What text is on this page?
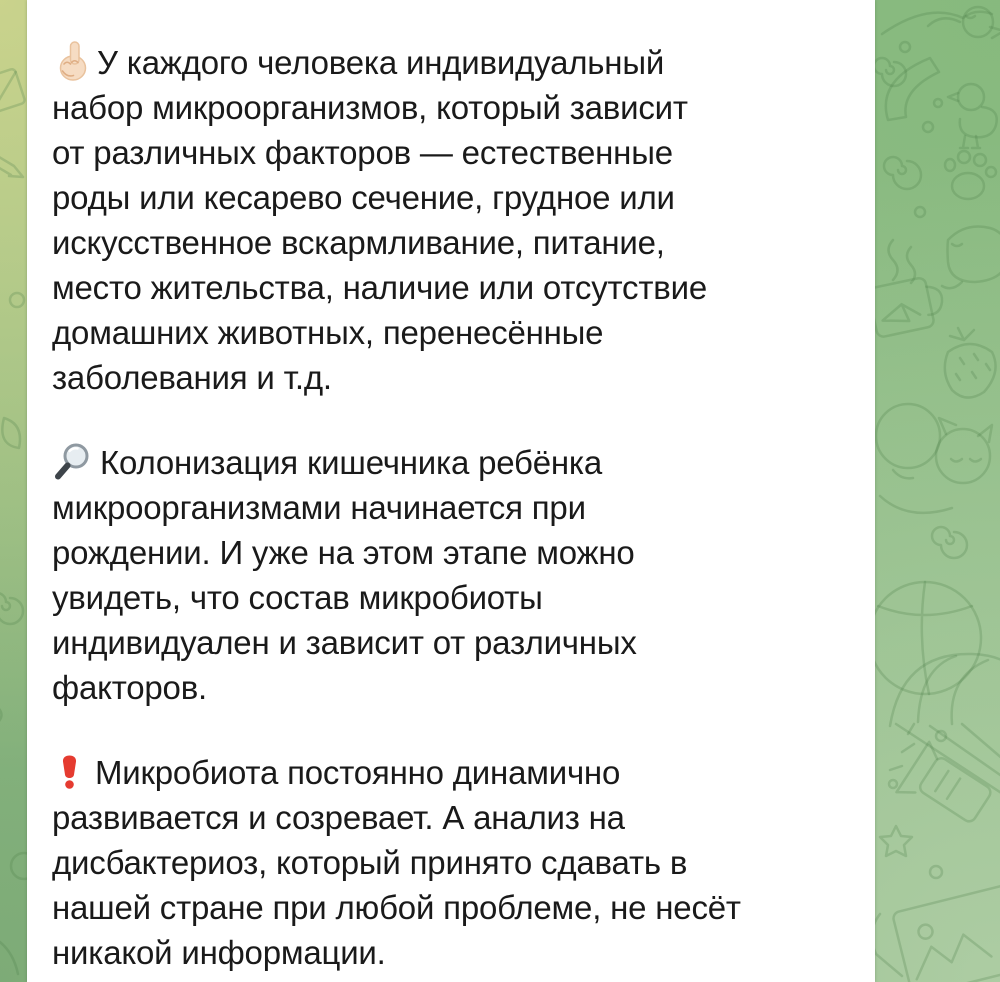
У каждого человека индивидуальный
набор микроорганизмов, который зависит
от различных факторов — естественные
роды или кесарево сечение, грудное или
искусственное вскармливание, питание,
место жительства, наличие или отсутствие
домашних животных, перенесённые
заболевания и т.д.
Колонизация кишечника ребёнка
микроорганизмами начинается при
рождении. И уже на этом этапе можно
увидеть, что состав микробиоты
индивидуален и зависит от различных
факторов.
Микробиота постоянно динамично
развивается и созревает. А анализ на
дисбактериоз, который принято сдавать в
нашей стране при любой проблеме, не несёт
никакой информации.
